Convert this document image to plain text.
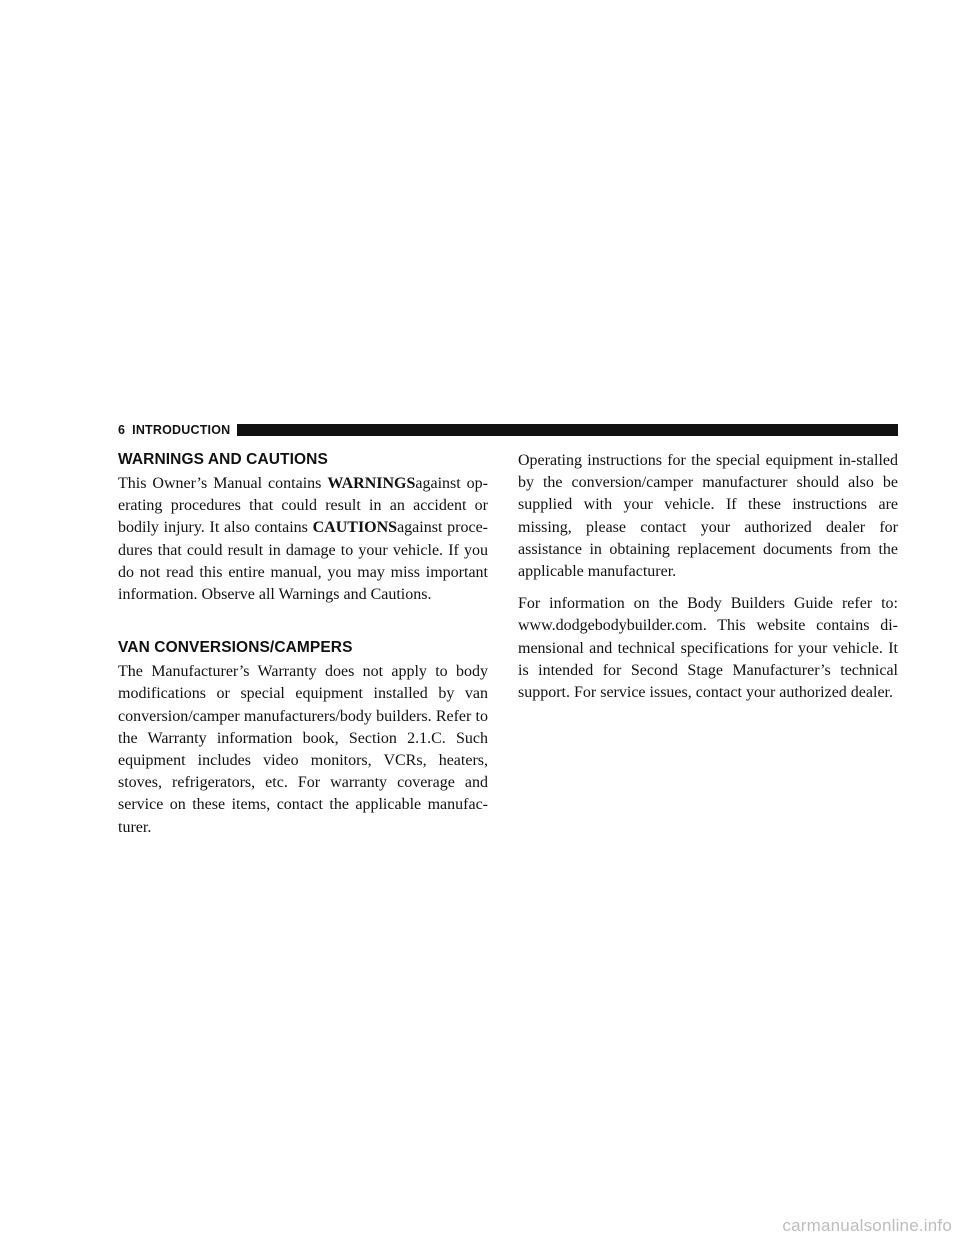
6 INTRODUCTION
WARNINGS AND CAUTIONS

This Owner’s Manual contains WARNINGSagainst op-erating procedures that could result in an accident or bodily injury. It also contains CAUTIONSagainst proce-dures that could result in damage to your vehicle. If you do not read this entire manual, you may miss important information. Observe all Warnings and Cautions.

VAN CONVERSIONS/CAMPERS

The Manufacturer’s Warranty does not apply to body modifications or special equipment installed by van conversion/camper manufacturers/body builders. Refer to the Warranty information book, Section 2.1.C. Such equipment includes video monitors, VCRs, heaters, stoves, refrigerators, etc. For warranty coverage and service on these items, contact the applicable manufac-turer.

Operating instructions for the special equipment in-stalled by the conversion/camper manufacturer should also be supplied with your vehicle. If these instructions are missing, please contact your authorized dealer for assistance in obtaining replacement documents from the applicable manufacturer.

For information on the Body Builders Guide refer to: www.dodgebodybuilder.com. This website contains di-mensional and technical specifications for your vehicle. It is intended for Second Stage Manufacturer’s technical support. For service issues, contact your authorized dealer.

carmanualsonline.info
